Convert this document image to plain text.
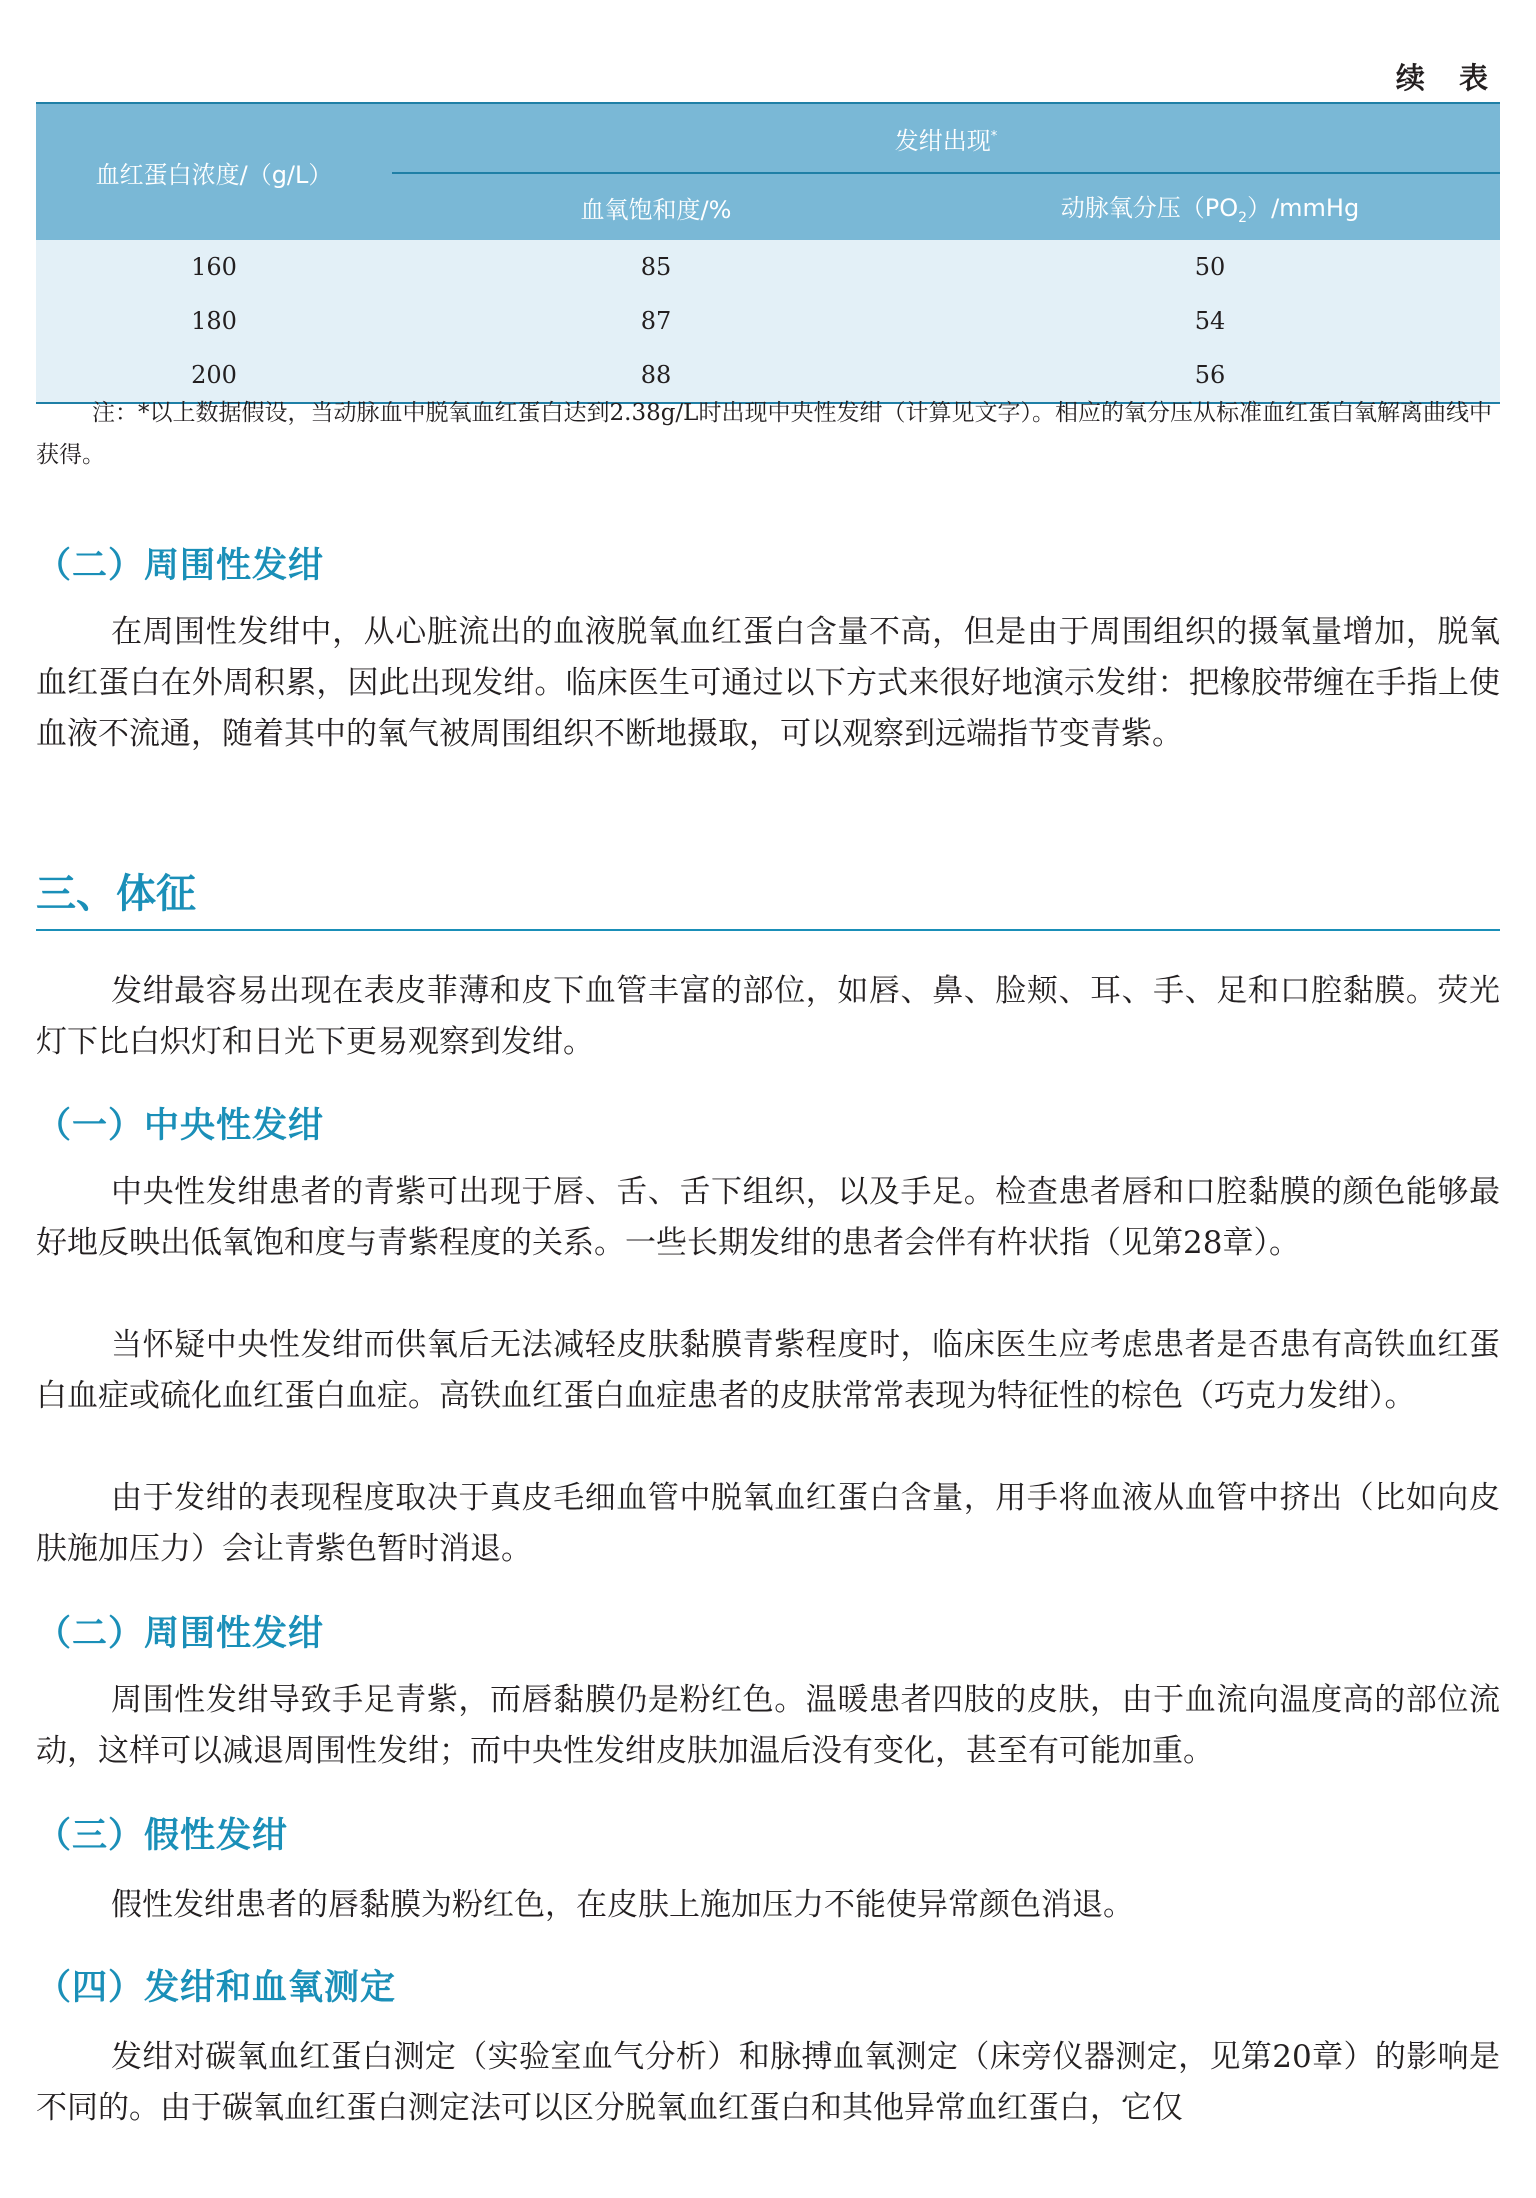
续 表
血红蛋白浓度/（g/L）	发绀出现*
	血氧饱和度/%	动脉氧分压$(PO_2)$/mmHg
160	85	50
180	87	54
200	88	56
注：*以上数据假设，当动脉血中脱氧血红蛋白达到2.38g/L时出现中央性发绀（计算见文字）。相应的氧分压从标准血红蛋白氧解离曲线中获得。
（二）周围性发绀
在周围性发绀中，从心脏流出的血液脱氧血红蛋白含量不高，但是由于周围组织的摄氧量增加，脱氧血红蛋白在外周积累，因此出现发绀。临床医生可通过以下方式来很好地演示发绀：把橡胶带缠在手指上使血液不流通，随着其中的氧气被周围组织不断地摄取，可以观察到远端指节变青紫。
三、体征
发绀最容易出现在表皮菲薄和皮下血管丰富的部位，如唇、鼻、脸颊、耳、手、足和口腔黏膜。荧光灯下比白炽灯和日光下更易观察到发绀。
（一）中央性发绀
中央性发绀患者的青紫可出现于唇、舌、舌下组织，以及手足。检查患者唇和口腔黏膜的颜色能够最好地反映出低氧饱和度与青紫程度的关系。一些长期发绀的患者会伴有杵状指（见第28章）。
当怀疑中央性发绀而供氧后无法减轻皮肤黏膜青紫程度时，临床医生应考虑患者是否患有高铁血红蛋白血症或硫化血红蛋白血症。高铁血红蛋白血症患者的皮肤常常表现为特征性的棕色（巧克力发绀）。
由于发绀的表现程度取决于真皮毛细血管中脱氧血红蛋白含量，用手将血液从血管中挤出（比如向皮肤施加压力）会让青紫色暂时消退。
（二）周围性发绀
周围性发绀导致手足青紫，而唇黏膜仍是粉红色。温暖患者四肢的皮肤，由于血流向温度高的部位流动，这样可以减退周围性发绀；而中央性发绀皮肤加温后没有变化，甚至有可能加重。
（三）假性发绀
假性发绀患者的唇黏膜为粉红色，在皮肤上施加压力不能使异常颜色消退。
（四）发绀和血氧测定
发绀对碳氧血红蛋白测定（实验室血气分析）和脉搏血氧测定（床旁仪器测定，见第20章）的影响是不同的。由于碳氧血红蛋白测定法可以区分脱氧血红蛋白和其他异常血红蛋白，它仅
